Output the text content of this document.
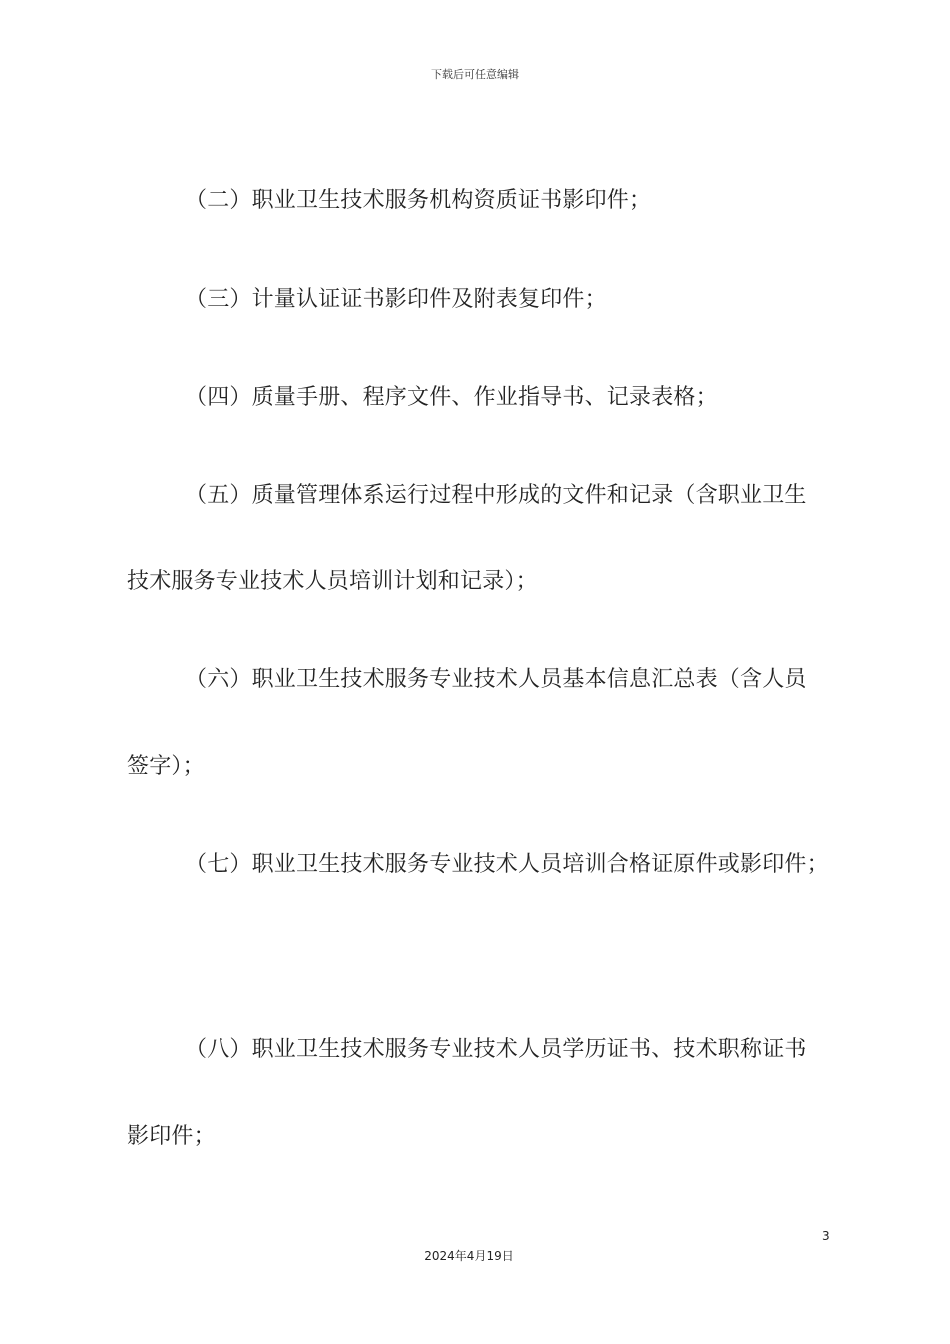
下载后可任意编辑
（二）职业卫生技术服务机构资质证书影印件；
（三）计量认证证书影印件及附表复印件；
（四）质量手册、程序文件、作业指导书、记录表格；
（五）质量管理体系运行过程中形成的文件和记录（含职业卫生
技术服务专业技术人员培训计划和记录）；
（六）职业卫生技术服务专业技术人员基本信息汇总表（含人员
签字）；
（七）职业卫生技术服务专业技术人员培训合格证原件或影印件；
（八）职业卫生技术服务专业技术人员学历证书、技术职称证书
影印件；
3
2024年4月19日
